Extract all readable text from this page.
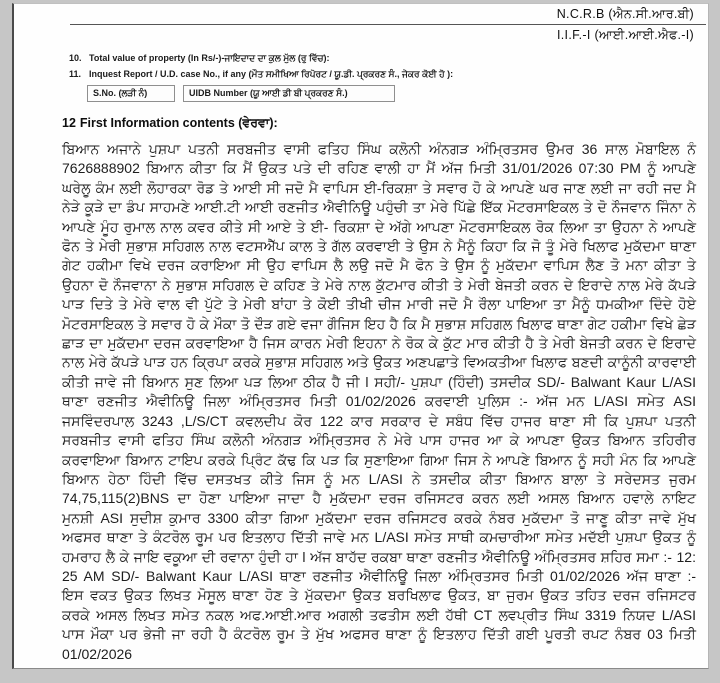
N.C.R.B (ਐਨ.ਸੀ.ਆਰ.ਬੀ)
I.I.F.-I (ਆਈ.ਆਈ.ਐਫ.-I)
10. Total value of property (In Rs/-)-ਜਾਇਦਾਦ ਦਾ ਕੁਲ ਮੁੱਲ (ਰੁ ਵਿੱਚ):
11. Inquest Report / U.D. case No., if any (ਮੌਤ ਸਮੀਖਿਆ ਰਿਪੋਰਟ / ਯੂ.ਡੀ. ਪ੍ਰਕਰਣ ਸੰ., ਜੇਕਰ ਕੋਈ ਹੋ ):
S.No. (ਲੜੀ ਨੰ)	UIDB Number (ਯੂ ਆਈ ਡੀ ਬੀ ਪ੍ਰਕਰਣ ਸੰ.)
12 First Information contents (ਵੇਰਵਾ):
ਬਿਆਨ ਅਜਾਨੇ ਪੁਸ਼ਪਾ ਪਤਨੀ ਸਰਬਜੀਤ ਵਾਸੀ ਫਤਿਹ ਸਿੰਘ ਕਲੋਨੀ ਅੰਨਗੜ ਅੰਮ੍ਰਿਤਸਰ ਉਮਰ 36 ਸਾਲ ਮੋਬਾਇਲ ਨੰ
7626888902 ਬਿਆਨ ਕੀਤਾ ਕਿ ਮੈਂ ਉਕਤ ਪਤੇ ਦੀ ਰਹਿਣ ਵਾਲੀ ਹਾ ਮੈਂ ਅੱਜ ਮਿਤੀ 31/01/2026 07:30 PM ਨੂੰ ਆਪਣੇ
ਘਰੇਲੂ ਕੰਮ ਲਈ ਲੋਹਾਰਕਾ ਰੋਡ ਤੇ ਆਈ ਸੀ ਜਦੋ ਮੈ ਵਾਪਿਸ ਈ-ਰਿਕਸ਼ਾ ਤੇ ਸਵਾਰ ਹੋ ਕੇ ਆਪਣੇ ਘਰ ਜਾਣ ਲਈ ਜਾ ਰਹੀ ਜਦ ਮੈ
ਨੇੜੇ ਕੂੜੇ ਦਾ ਡੰਪ ਸਾਹਮਣੇ ਆਈ.ਟੀ ਆਈ ਰਣਜੀਤ ਐਵੀਨਿਊ ਪਹੁੰਚੀ ਤਾ ਮੇਰੇ ਪਿੱਛੇ ਇੱਕ ਮੋਟਰਸਾਇਕਲ ਤੇ ਦੋ ਨੌਜਵਾਨ ਜਿੰਨਾ ਨੇ
ਆਪਣੇ ਮੂੰਹ ਰੁਮਾਲ ਨਾਲ ਕਵਰ ਕੀਤੇ ਸੀ ਆਏ ਤੇ ਈ- ਰਿਕਸ਼ਾ ਦੇ ਅੱਗੇ ਆਪਣਾ ਮੋਟਰਸਾਇਕਲ ਰੋਕ ਲਿਆ ਤਾ ਉਹਨਾ ਨੇ ਆਪਣੇ
ਫੋਨ ਤੇ ਮੇਰੀ ਸੁਭਾਸ਼ ਸਹਿਗਲ ਨਾਲ ਵਟਸਐੱਪ ਕਾਲ ਤੇ ਗੱਲ ਕਰਵਾਈ ਤੇ ਉਸ ਨੇ ਮੈਨੂੰ ਕਿਹਾ ਕਿ ਜੋ ਤੂੰ ਮੇਰੇ ਖਿਲਾਫ ਮੁਕੱਦਮਾ ਥਾਣਾ
ਗੇਟ ਹਕੀਮਾ ਵਿਖੇ ਦਰਜ ਕਰਾਇਆ ਸੀ ਉਹ ਵਾਪਿਸ ਲੈ ਲਉ ਜਦੋ ਮੈ ਫੋਨ ਤੇ ਉਸ ਨੂੰ ਮੁਕੱਦਮਾ ਵਾਪਿਸ ਲੈਣ ਤੋ ਮਨਾ ਕੀਤਾ ਤੇ
ਉਹਨਾ ਦੋ ਨੌਜਵਾਨਾ ਨੇ ਸੁਭਾਸ਼ ਸਹਿਗਲ ਦੇ ਕਹਿਣ ਤੇ ਮੇਰੇ ਨਾਲ ਕੁੱਟਮਾਰ ਕੀਤੀ ਤੇ ਮੇਰੀ ਬੇਜਤੀ ਕਰਨ ਦੇ ਇਰਾਦੇ ਨਾਲ ਮੇਰੇ ਕੱਪੜੇ
ਪਾੜ ਦਿਤੇ ਤੇ ਮੇਰੇ ਵਾਲ ਵੀ ਪੁੱਟੇ ਤੇ ਮੇਰੀ ਬਾਂਹਾ ਤੇ ਕੋਈ ਤੀਖੀ ਚੀਜ ਮਾਰੀ ਜਦੋ ਮੈ ਰੌਲਾ ਪਾਇਆ ਤਾ ਮੈਨੂੰ ਧਮਕੀਆ ਦਿੰਦੇ ਹੋਏ
ਮੋਟਰਸਾਇਕਲ ਤੇ ਸਵਾਰ ਹੋ ਕੇ ਮੌਕਾ ਤੋ ਦੌੜ ਗਏ ਵਜਾ ਗੌਜਿਸ ਇਹ ਹੈ ਕਿ ਮੈ ਸੁਭਾਸ਼ ਸਹਿਗਲ ਖਿਲਾਫ ਥਾਣਾ ਗੇਟ ਹਕੀਮਾ ਵਿਖੇ ਛੇੜ
ਛਾੜ ਦਾ ਮੁਕੱਦਮਾ ਦਰਜ ਕਰਵਾਇਆ ਹੈ ਜਿਸ ਕਾਰਨ ਮੇਰੀ ਇਹਨਾ ਨੇ ਰੋਕ ਕੇ ਕੁੱਟ ਮਾਰ ਕੀਤੀ ਹੈ ਤੇ ਮੇਰੀ ਬੇਜਤੀ ਕਰਨ ਦੇ ਇਰਾਦੇ
ਨਾਲ ਮੇਰੇ ਕੱਪੜੇ ਪਾੜ ਹਨ ਕ੍ਰਿਪਾ ਕਰਕੇ ਸੁਭਾਸ਼ ਸਹਿਗਲ ਅਤੇ ਉਕਤ ਅਣਪਛਾਤੇ ਵਿਅਕਤੀਆ ਖਿਲਾਫ ਬਣਦੀ ਕਾਨੂੰਨੀ ਕਾਰਵਾਈ
ਕੀਤੀ ਜਾਵੇ ਜੀ ਬਿਆਨ ਸੁਣ ਲਿਆ ਪੜ ਲਿਆ ਠੀਕ ਹੈ ਜੀ l ਸਹੀ/- ਪੁਸ਼ਪਾ (ਹਿੰਦੀ) ਤਸਦੀਕ SD/- Balwant Kaur L/ASI
ਥਾਣਾ ਰਣਜੀਤ ਐਵੀਨਿਊ ਜਿਲਾ ਅੰਮ੍ਰਿਤਸਰ ਮਿਤੀ 01/02/2026 ਕਰਵਾਈ ਪੁਲਿਸ :- ਅੱਜ ਮਨ L/ASI ਸਮੇਤ ASI
ਜਸਵਿੰਦਰਪਾਲ 3243 ,L/S/CT ਕਵਲਦੀਪ ਕੋਰ 122 ਕਾਰ ਸਰਕਾਰ ਦੇ ਸਬੰਧ ਵਿੱਚ ਹਾਜਰ ਥਾਣਾ ਸੀ ਕਿ ਪੁਸ਼ਪਾ ਪਤਨੀ
ਸਰਬਜੀਤ ਵਾਸੀ ਫਤਿਹ ਸਿੰਘ ਕਲੋਨੀ ਅੰਨਗੜ ਅੰਮ੍ਰਿਤਸਰ ਨੇ ਮੇਰੇ ਪਾਸ ਹਾਜਰ ਆ ਕੇ ਆਪਣਾ ਉਕਤ ਬਿਆਨ ਤਹਿਰੀਰ
ਕਰਵਾਇਆ ਬਿਆਨ ਟਾਇਪ ਕਰਕੇ ਪ੍ਰਿੰਟ ਕੱਢ ਕਿ ਪੜ ਕਿ ਸੁਣਾਇਆ ਗਿਆ ਜਿਸ ਨੇ ਆਪਣੇ ਬਿਆਨ ਨੂੰ ਸਹੀ ਮੰਨ ਕਿ ਆਪਣੇ
ਬਿਆਨ ਹੇਠਾ ਹਿੰਦੀ ਵਿੱਚ ਦਸਤਖਤ ਕੀਤੇ ਜਿਸ ਨੂੰ ਮਨ L/ASI ਨੇ ਤਸਦੀਕ ਕੀਤਾ ਬਿਆਨ ਬਾਲਾ ਤੇ ਸਰੇਦਸਤ ਜੁਰਮ
74,75,115(2)BNS ਦਾ ਹੋਣਾ ਪਾਇਆ ਜਾਦਾ ਹੈ ਮੁਕੱਦਮਾ ਦਰਜ ਰਜਿਸਟਰ ਕਰਨ ਲਈ ਅਸਲ ਬਿਆਨ ਹਵਾਲੇ ਨਾਇਟ
ਮੁਨਸ਼ੀ ASI ਸੁਦੀਸ਼ ਕੁਮਾਰ 3300 ਕੀਤਾ ਗਿਆ ਮੁਕੱਦਮਾ ਦਰਜ ਰਜਿਸਟਰ ਕਰਕੇ ਨੰਬਰ ਮੁਕੱਦਮਾ ਤੋ ਜਾਣੂ ਕੀਤਾ ਜਾਵੇ ਮੁੱਖ
ਅਫਸਰ ਥਾਣਾ ਤੇ ਕੰਟਰੋਲ ਰੂਮ ਪਰ ਇਤਲਾਹ ਦਿੱਤੀ ਜਾਵੇ ਮਨ L/ASI ਸਮੇਤ ਸਾਥੀ ਕਮਚਾਰੀਆ ਸਮੇਤ ਮਦੱਈ ਪੁਸ਼ਪਾ ਉਕਤ ਨੂੰ
ਹਮਰਾਹ ਲੈ ਕੇ ਜਾਇ ਵਕੂਆ ਦੀ ਰਵਾਨਾ ਹੁੰਦੀ ਹਾ l ਅੱਜ ਬਾਹੱਦ ਰਕਬਾ ਥਾਣਾ ਰਣਜੀਤ ਐਵੀਨਿਊ ਅੰਮ੍ਰਿਤਸਰ ਸ਼ਹਿਰ ਸਮਾ :- 12:
25 AM SD/- Balwant Kaur L/ASI ਥਾਣਾ ਰਣਜੀਤ ਐਵੀਨਿਊ ਜਿਲਾ ਅੰਮ੍ਰਿਤਸਰ ਮਿਤੀ 01/02/2026 ਅੱਜ ਥਾਣਾ :-
ਇਸ ਵਕਤ ਉਕਤ ਲਿਖਤ ਮੋਸੂਲ ਥਾਣਾ ਹੋਣ ਤੇ ਮੁੱਕਦਮਾ ਉਕਤ ਬਰਖਿਲਾਫ ਉਕਤ, ਬਾ ਜੁਰਮ ਉਕਤ ਤਹਿਤ ਦਰਜ ਰਜਿਸਟਰ
ਕਰਕੇ ਅਸਲ ਲਿਖਤ ਸਮੇਤ ਨਕਲ ਅਫ.ਆਈ.ਆਰ ਅਗਲੀ ਤਫਤੀਸ ਲਈ ਹੱਥੀ CT ਲਵਪ੍ਰੀਤ ਸਿੰਘ 3319 ਨਿਯਦ L/ASI
ਪਾਸ ਮੌਕਾ ਪਰ ਭੇਜੀ ਜਾ ਰਹੀ ਹੈ ਕੰਟਰੋਲ ਰੂਮ ਤੇ ਮੁੱਖ ਅਫਸਰ ਥਾਣਾ ਨੂੰ ਇਤਲਾਹ ਦਿੱਤੀ ਗਈ ਪੂਰਤੀ ਰਪਟ ਨੰਬਰ 03 ਮਿਤੀ
01/02/2026
